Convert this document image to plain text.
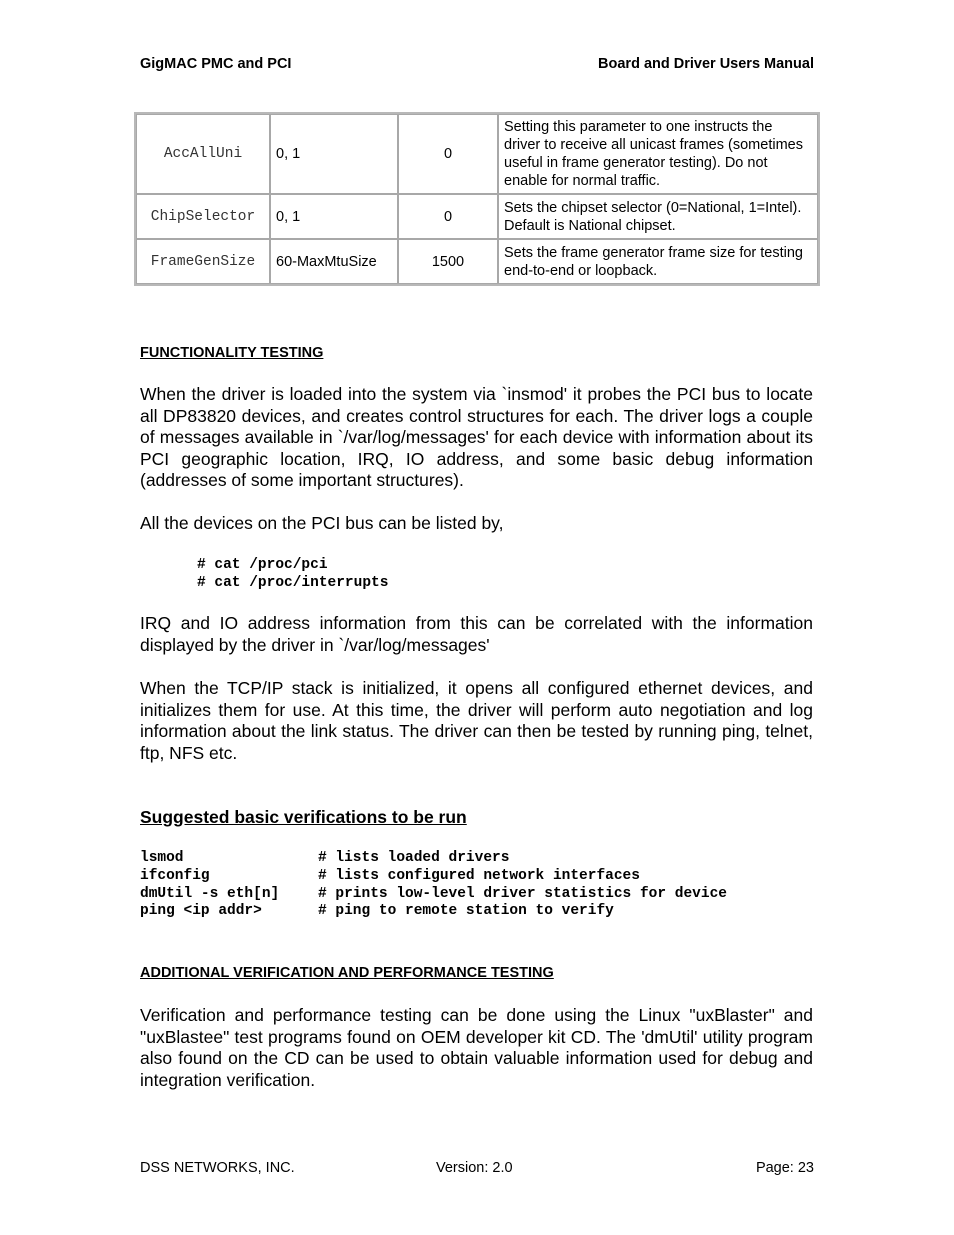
GigMAC PMC and PCI	Board and Driver Users Manual
AccAllUni	0, 1	0	Setting this parameter to one instructs the driver to receive all unicast frames (sometimes useful in frame generator testing). Do not enable for normal traffic.
ChipSelector	0, 1	0	Sets the chipset selector (0=National, 1=Intel). Default is National chipset.
FrameGenSize	60-MaxMtuSize	1500	Sets the frame generator frame size for testing end-to-end or loopback.
FUNCTIONALITY TESTING
When the driver is loaded into the system via `insmod' it probes the PCI bus to locate all DP83820 devices, and creates control structures for each. The driver logs a couple of messages available in `/var/log/messages' for each device with information about its PCI geographic location, IRQ, IO address, and some basic debug information (addresses of some important structures).
All the devices on the PCI bus can be listed by,
# cat /proc/pci
# cat /proc/interrupts
IRQ and IO address information from this can be correlated with the information displayed by the driver in `/var/log/messages'
When the TCP/IP stack is initialized, it opens all configured ethernet devices, and initializes them for use. At this time, the driver will perform auto negotiation and log information about the link status. The driver can then be tested by running ping, telnet, ftp, NFS etc.
Suggested basic verifications to be run
lsmod	# lists loaded drivers
ifconfig	# lists configured network interfaces
dmUtil -s eth[n]	# prints low-level driver statistics for device
ping <ip addr>	# ping to remote station to verify
ADDITIONAL VERIFICATION AND PERFORMANCE TESTING
Verification and performance testing can be done using the Linux "uxBlaster" and "uxBlastee" test programs found on OEM developer kit CD. The 'dmUtil' utility program also found on the CD can be used to obtain valuable information used for debug and integration verification.
DSS NETWORKS, INC.	Version: 2.0	Page: 23
